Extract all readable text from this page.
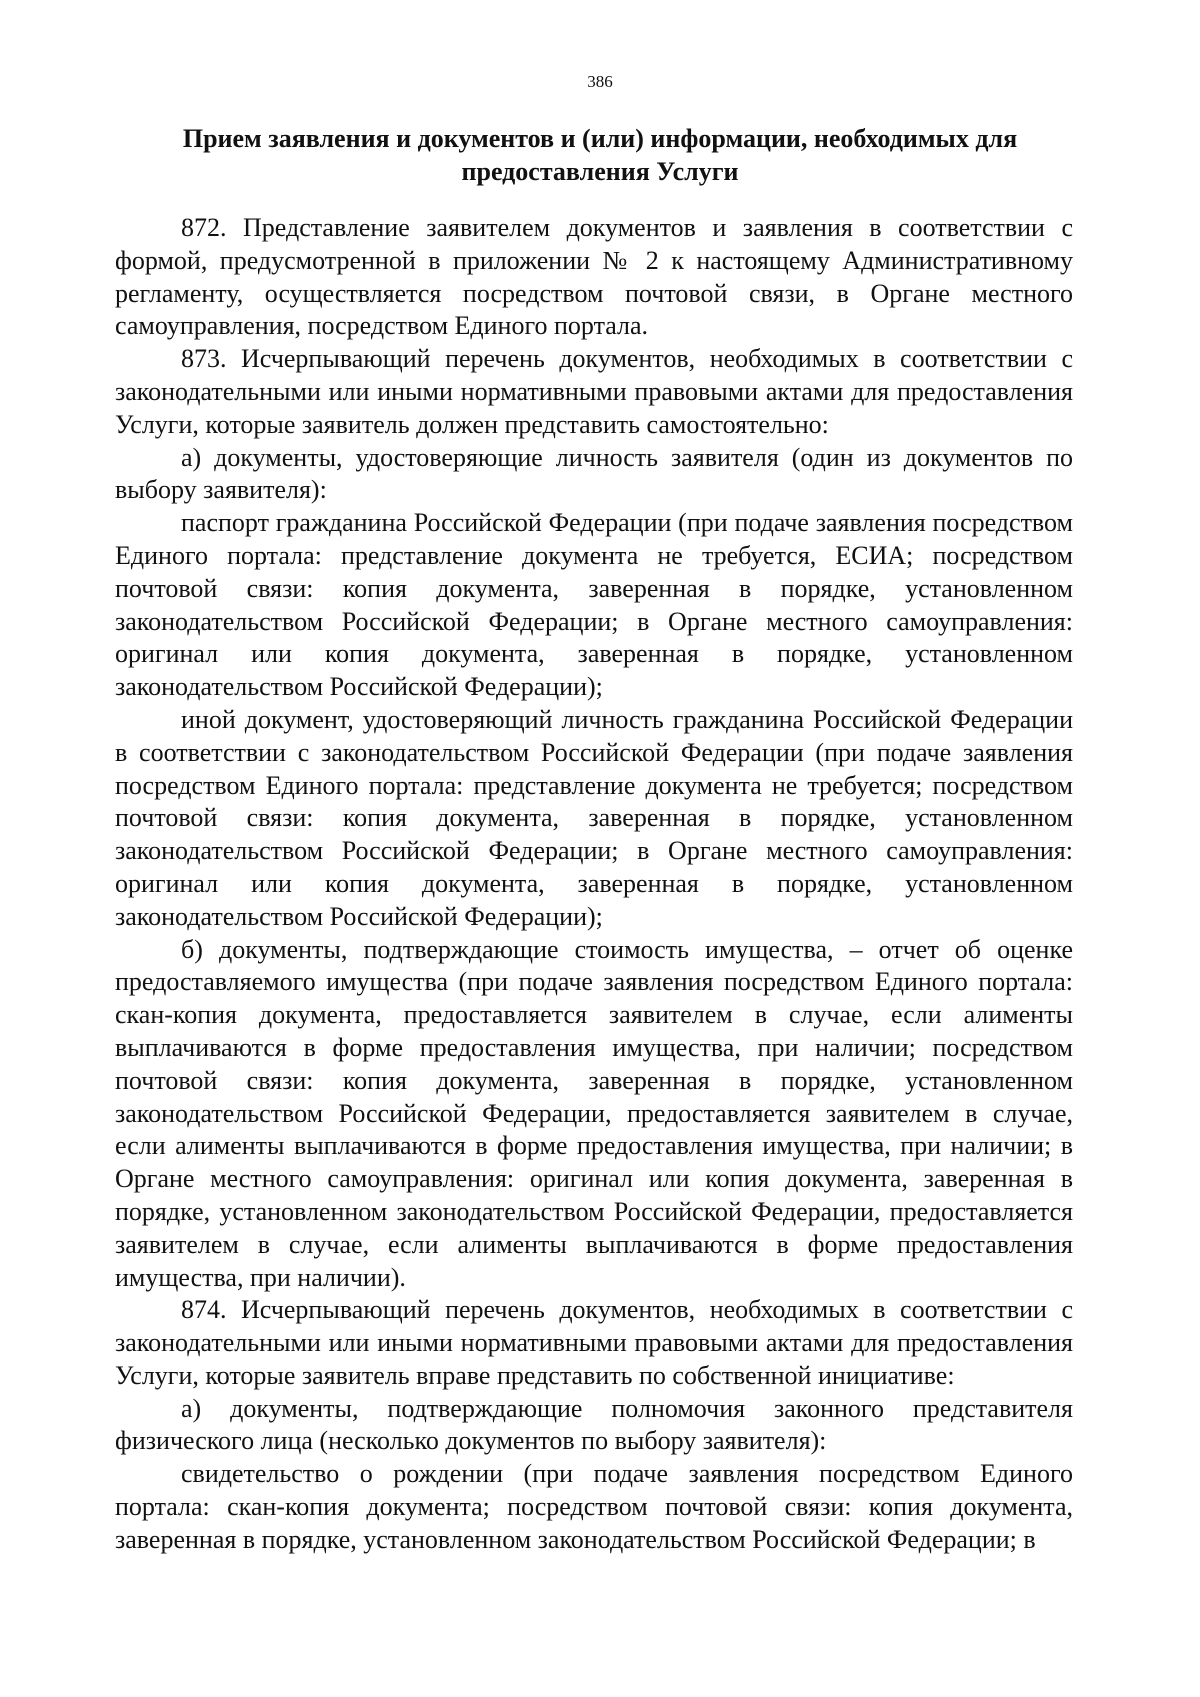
386
Прием заявления и документов и (или) информации, необходимых для предоставления Услуги

872. Представление заявителем документов и заявления в соответствии с формой, предусмотренной в приложении № 2 к настоящему Административному регламенту, осуществляется посредством почтовой связи, в Органе местного самоуправления, посредством Единого портала.

873. Исчерпывающий перечень документов, необходимых в соответствии с законодательными или иными нормативными правовыми актами для предоставления Услуги, которые заявитель должен представить самостоятельно:

а) документы, удостоверяющие личность заявителя (один из документов по выбору заявителя):

паспорт гражданина Российской Федерации (при подаче заявления посредством Единого портала: представление документа не требуется, ЕСИА; посредством почтовой связи: копия документа, заверенная в порядке, установленном законодательством Российской Федерации; в Органе местного самоуправления: оригинал или копия документа, заверенная в порядке, установленном законодательством Российской Федерации);

иной документ, удостоверяющий личность гражданина Российской Федерации в соответствии с законодательством Российской Федерации (при подаче заявления посредством Единого портала: представление документа не требуется; посредством почтовой связи: копия документа, заверенная в порядке, установленном законодательством Российской Федерации; в Органе местного самоуправления: оригинал или копия документа, заверенная в порядке, установленном законодательством Российской Федерации);

б) документы, подтверждающие стоимость имущества, – отчет об оценке предоставляемого имущества (при подаче заявления посредством Единого портала: скан-копия документа, предоставляется заявителем в случае, если алименты выплачиваются в форме предоставления имущества, при наличии; посредством почтовой связи: копия документа, заверенная в порядке, установленном законодательством Российской Федерации, предоставляется заявителем в случае, если алименты выплачиваются в форме предоставления имущества, при наличии; в Органе местного самоуправления: оригинал или копия документа, заверенная в порядке, установленном законодательством Российской Федерации, предоставляется заявителем в случае, если алименты выплачиваются в форме предоставления имущества, при наличии).

874. Исчерпывающий перечень документов, необходимых в соответствии с законодательными или иными нормативными правовыми актами для предоставления Услуги, которые заявитель вправе представить по собственной инициативе:

а) документы, подтверждающие полномочия законного представителя физического лица (несколько документов по выбору заявителя):

свидетельство о рождении (при подаче заявления посредством Единого портала: скан-копия документа; посредством почтовой связи: копия документа, заверенная в порядке, установленном законодательством Российской Федерации; в
